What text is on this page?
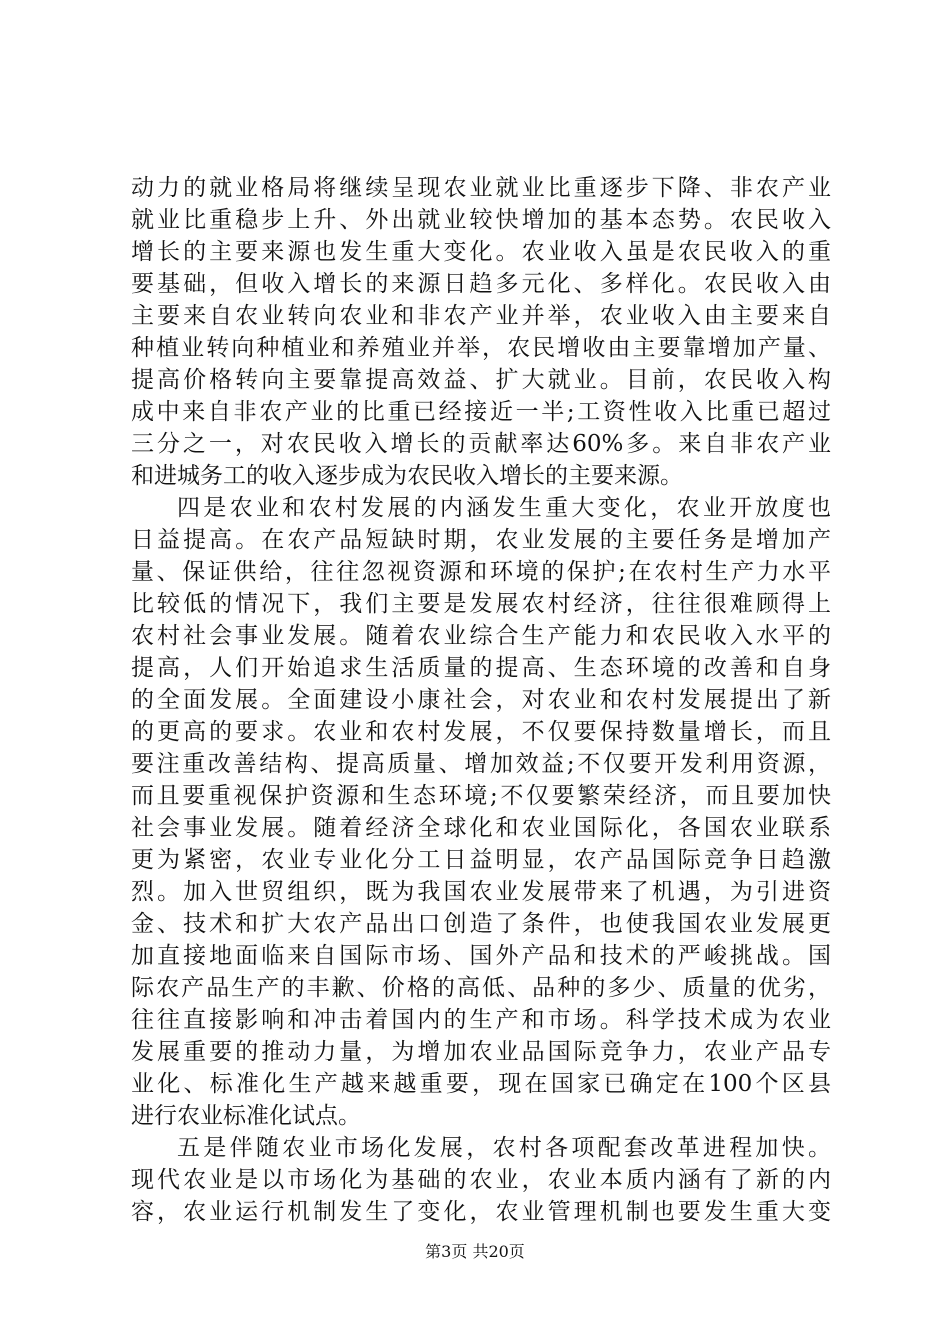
动力的就业格局将继续呈现农业就业比重逐步下降、非农产业
就业比重稳步上升、外出就业较快增加的基本态势。农民收入
增长的主要来源也发生重大变化。农业收入虽是农民收入的重
要基础，但收入增长的来源日趋多元化、多样化。农民收入由
主要来自农业转向农业和非农产业并举，农业收入由主要来自
种植业转向种植业和养殖业并举，农民增收由主要靠增加产量、
提高价格转向主要靠提高效益、扩大就业。目前，农民收入构
成中来自非农产业的比重已经接近一半;工资性收入比重已超过
三分之一，对农民收入增长的贡献率达60%多。来自非农产业
和进城务工的收入逐步成为农民收入增长的主要来源。
四是农业和农村发展的内涵发生重大变化，农业开放度也
日益提高。在农产品短缺时期，农业发展的主要任务是增加产
量、保证供给，往往忽视资源和环境的保护;在农村生产力水平
比较低的情况下，我们主要是发展农村经济，往往很难顾得上
农村社会事业发展。随着农业综合生产能力和农民收入水平的
提高，人们开始追求生活质量的提高、生态环境的改善和自身
的全面发展。全面建设小康社会，对农业和农村发展提出了新
的更高的要求。农业和农村发展，不仅要保持数量增长，而且
要注重改善结构、提高质量、增加效益;不仅要开发利用资源，
而且要重视保护资源和生态环境;不仅要繁荣经济，而且要加快
社会事业发展。随着经济全球化和农业国际化，各国农业联系
更为紧密，农业专业化分工日益明显，农产品国际竞争日趋激
烈。加入世贸组织，既为我国农业发展带来了机遇，为引进资
金、技术和扩大农产品出口创造了条件，也使我国农业发展更
加直接地面临来自国际市场、国外产品和技术的严峻挑战。国
际农产品生产的丰歉、价格的高低、品种的多少、质量的优劣，
往往直接影响和冲击着国内的生产和市场。科学技术成为农业
发展重要的推动力量，为增加农业品国际竞争力，农业产品专
业化、标准化生产越来越重要，现在国家已确定在100个区县
进行农业标准化试点。
五是伴随农业市场化发展，农村各项配套改革进程加快。
现代农业是以市场化为基础的农业，农业本质内涵有了新的内
容，农业运行机制发生了变化，农业管理机制也要发生重大变
第3页 共20页
